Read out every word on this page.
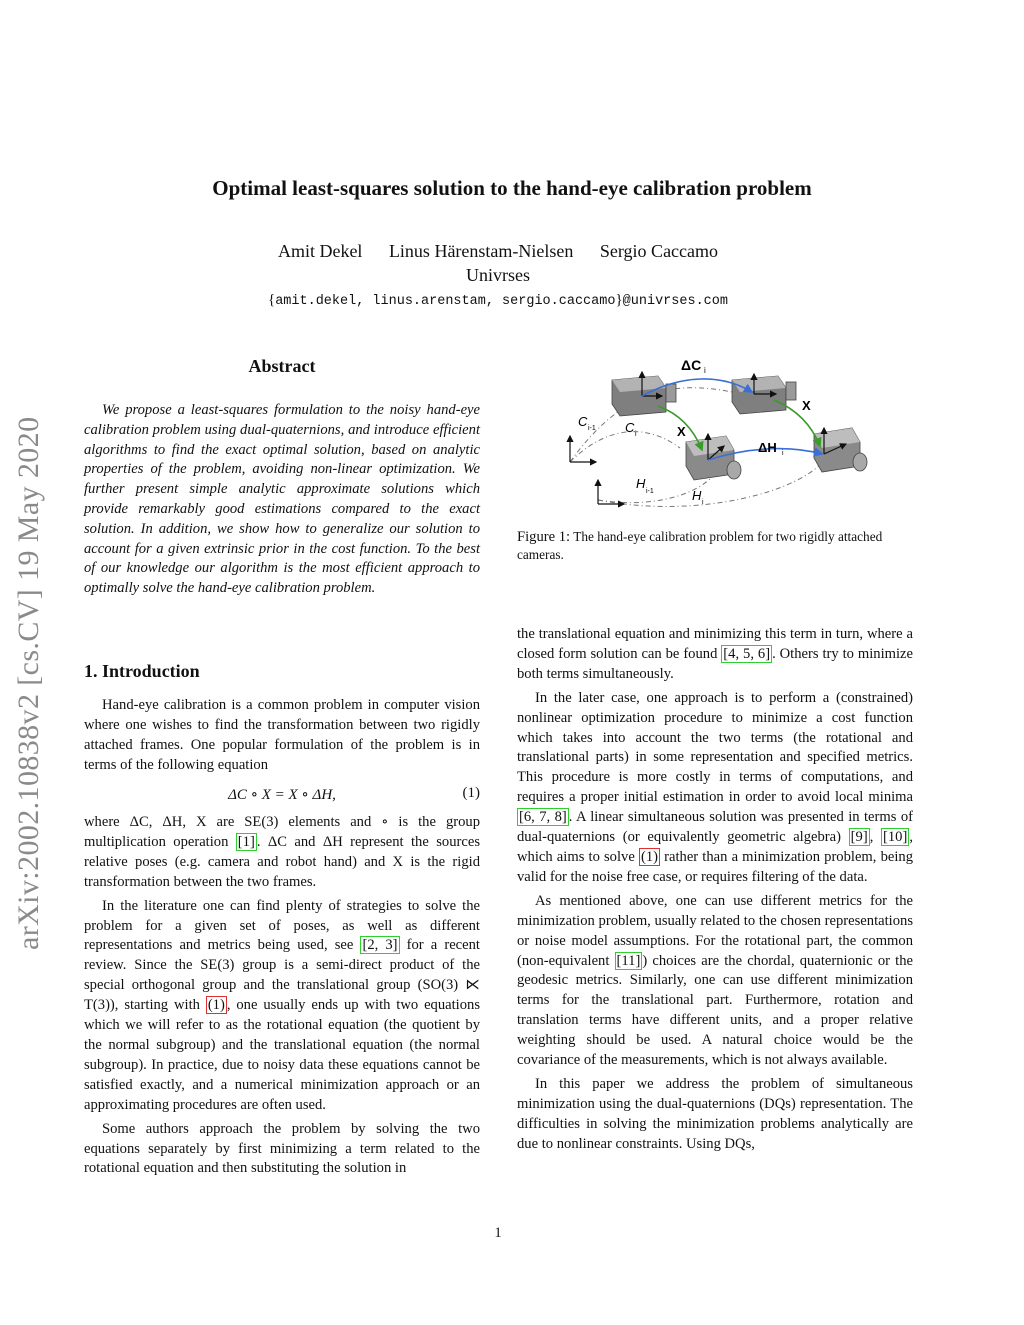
Optimal least-squares solution to the hand-eye calibration problem
Amit Dekel Linus Härenstam-Nielsen Sergio Caccamo
Univrses
{amit.dekel, linus.arenstam, sergio.caccamo}@univrses.com
arXiv:2002.10838v2 [cs.CV] 19 May 2020
Abstract
We propose a least-squares formulation to the noisy hand-eye calibration problem using dual-quaternions, and introduce efficient algorithms to find the exact optimal solution, based on analytic properties of the problem, avoiding non-linear optimization. We further present simple analytic approximate solutions which provide remarkably good estimations compared to the exact solution. In addition, we show how to generalize our solution to account for a given extrinsic prior in the cost function. To the best of our knowledge our algorithm is the most efficient approach to optimally solve the hand-eye calibration problem.
1. Introduction

Hand-eye calibration is a common problem in computer vision where one wishes to find the transformation between two rigidly attached frames. One popular formulation of the problem is in terms of the following equation

ΔC ∘ X = X ∘ ΔH,	(1)

where ΔC, ΔH, X are SE(3) elements and ∘ is the group multiplication operation [1] . ΔC and ΔH represent the sources relative poses (e.g. camera and robot hand) and X is the rigid transformation between the two frames.

In the literature one can find plenty of strategies to solve the problem for a given set of poses, as well as different representations and metrics being used, see [2, 3] for a recent review. Since the SE(3) group is a semi-direct product of the special orthogonal group and the translational group (SO(3) ⋉ T(3)), starting with (1) , one usually ends up with two equations which we will refer to as the rotational equation (the quotient by the normal subgroup) and the translational equation (the normal subgroup). In practice, due to noisy data these equations cannot be satisfied exactly, and a numerical minimization approach or an approximating procedures are often used.

Some authors approach the problem by solving the two equations separately by first minimizing a term related to the rotational equation and then substituting the solution in

ΔC i
X
X
C i-1 C i
ΔH i
H
i-1	H i
Figure 1: The hand-eye calibration problem for two rigidly attached cameras.

the translational equation and minimizing this term in turn, where a closed form solution can be found [4, 5, 6] . Others try to minimize both terms simultaneously.

In the later case, one approach is to perform a (constrained) nonlinear optimization procedure to minimize a cost function which takes into account the two terms (the rotational and translational parts) in some representation and specified metrics. This procedure is more costly in terms of computations, and requires a proper initial estimation in order to avoid local minima [6, 7, 8] . A linear simultaneous solution was presented in terms of dual-quaternions (or equivalently geometric algebra) [9] , [10] , which aims to solve (1) rather than a minimization problem, being valid for the noise free case, or requires filtering of the data.

As mentioned above, one can use different metrics for the minimization problem, usually related to the chosen representations or noise model assumptions. For the rotational part, the common (non-equivalent [11] ) choices are the chordal, quaternionic or the geodesic metrics. Similarly, one can use different minimization terms for the translational part. Furthermore, rotation and translation terms have different units, and a proper relative weighting should be used. A natural choice would be the covariance of the measurements, which is not always available.

In this paper we address the problem of simultaneous minimization using the dual-quaternions (DQs) representation. The difficulties in solving the minimization problems analytically are due to nonlinear constraints. Using DQs,

1
